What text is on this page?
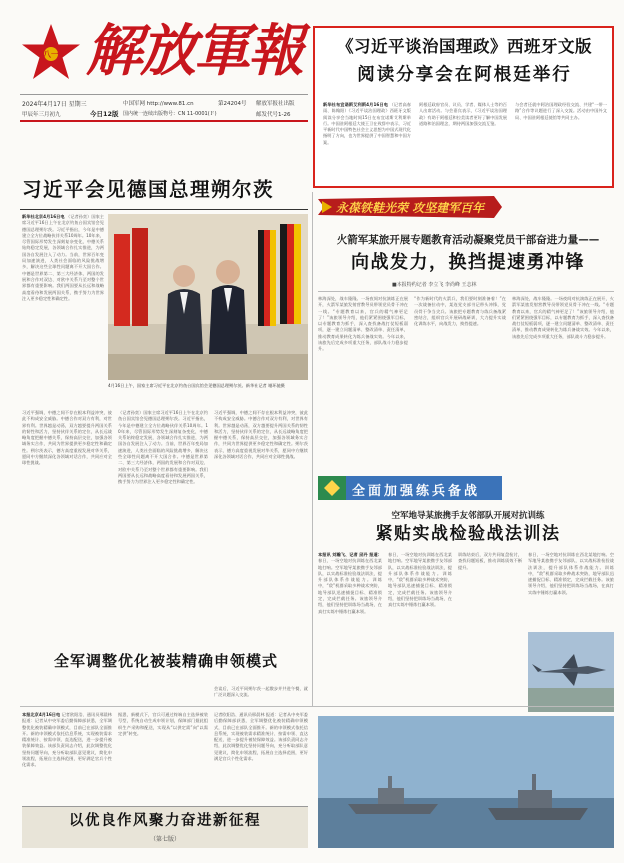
八一 解放軍報
2024年4月17日 星期三
甲辰年三月初九	今日12版
中国军网 http://www.81.cn	第24204号
国内统一连续出版物号：CN 11-0001(Ｆ)
解放军报社出版
邮发代号1-26
《习近平谈治国理政》西班牙文版
阅读分享会在阿根廷举行
新华社布宜诺斯艾利斯4月16日电 （记者高春雨、陈翰阳）《习近平谈治国理政》西班牙文版阅读分享会当地时间15日在布宜诺斯艾利斯举行。中国驻阿根廷大使王卫在致辞中表示，习近平新时代中国特色社会主义思想为中国式现代化指明了方向，也为世界提供了中国智慧和中国方案。
阿根廷政府官员、议员、学者、媒体人士等约百人出席活动。与会嘉宾表示，《习近平谈治国理政》有助于阿根廷和拉美读者更好了解中国发展道路和治国理念，期待两国加强交流互鉴。
与会者还就中阿治国理政经验交流、共建“一带一路”合作等议题进行了深入交流。活动由中国外文局、中国驻阿根廷使馆等共同主办。
永葆铁鞋光荣 攻坚建军百年
习近平会见德国总理朔尔茨
新华社北京4月16日电 （记者孙奕）国家主席习近平16日上午在北京钓鱼台国宾馆会见德国总理朔尔茨。习近平指出，今年是中德建立全方位战略伙伴关系10周年。10年来，尽管国际形势发生深刻复杂变化，中德关系始终稳定发展，各领域合作扎实推进，为两国各自发展注入了动力。当前，世界百年变局加速演进，人类社会面临的风险挑战增多，解决这些全球性问题离不开大国合作。中德是世界第二、第三大经济体，两国的发展和合作对双边、对欧中关系乃至对整个世界都有重要影响。我们两国要从长远和战略高度看待和发展两国关系，携手努力为世界注入更多稳定性和确定性。
4月16日上午，国家主席习近平在北京钓鱼台国宾馆会见德国总理朔尔茨。新华社记者 谢环驰摄
习近平强调，中德之间不存在根本利益冲突，彼此不构成安全威胁。中德合作对双方有利，对世界有利。世界越是动荡，双方越要提升两国关系的韧性和活力，坚持伙伴关系的定位，从长远战略角度把握中德关系，保持高层交往，加强各领域务实合作，共同为世界提供更多稳定性和确定性。朔尔茨表示，德方高度重视发展对华关系，愿同中方继续深化各领域对话合作，共同应对全球性挑战。
（记者孙奕）国家主席习近平16日上午在北京钓鱼台国宾馆会见德国总理朔尔茨。习近平指出，今年是中德建立全方位战略伙伴关系10周年。10年来，尽管国际形势发生深刻复杂变化，中德关系始终稳定发展，各领域合作扎实推进，为两国各自发展注入了动力。当前，世界百年变局加速演进，人类社会面临的风险挑战增多，解决这些全球性问题离不开大国合作。中德是世界第二、第三大经济体，两国的发展和合作对双边、对欧中关系乃至对整个世界都有重要影响。我们两国要从长远和战略高度看待和发展两国关系，携手努力为世界注入更多稳定性和确定性。
习近平强调，中德之间不存在根本利益冲突，彼此不构成安全威胁。中德合作对双方有利，对世界有利。世界越是动荡，双方越要提升两国关系的韧性和活力，坚持伙伴关系的定位，从长远战略角度把握中德关系，保持高层交往，加强各领域务实合作，共同为世界提供更多稳定性和确定性。朔尔茨表示，德方高度重视发展对华关系，愿同中方继续深化各领域对话合作，共同应对全球性挑战。
会谈后，习近平同朔尔茨一起散步并共进午餐，就广泛议题深入交流。
火箭军某旅开展专题教育活动凝聚党员干部奋进力量——
向战发力，换挡提速勇冲锋
■本报特约记者 李立飞 李尚峰 王志林
林海深处，战车隆隆。一场夜间对抗演练正在展开，火箭军某旅发射营教导员带领党员骨干冲在一线。“专题教育以来，官兵的精气神更足了！”该旅领导介绍，他们紧紧围绕强军目标，以专题教育为抓手，深入查找备战打仗短板弱项，逐一建立问题清单、整改清单、责任清单，推动教育成果转化为练兵备战实效。今年以来，该旅先后完成多项重大任务，部队战斗力稳步提升。
“作为新时代的火箭兵，我们要时刻准备着！”在一次战备拉动中，某连党支部书记带头冲锋，党员骨干争当尖兵。该旅把专题教育与练兵备战紧密结合，组织官兵开展研战研训，大力提升实战化训练水平，向战发力，换挡提速。
林海深处，战车隆隆。一场夜间对抗演练正在展开，火箭军某旅发射营教导员带领党员骨干冲在一线。“专题教育以来，官兵的精气神更足了！”该旅领导介绍，他们紧紧围绕强军目标，以专题教育为抓手，深入查找备战打仗短板弱项，逐一建立问题清单、整改清单、责任清单，推动教育成果转化为练兵备战实效。今年以来，该旅先后完成多项重大任务，部队战斗力稳步提升。
全面加强练兵备战
空军地导某旅携手友邻部队开展对抗训练
紧贴实战检验战法训法
本报讯 刘瀚飞、记者 邱丹 报道： 春日，一场空地对抗训练在西北某地打响。空军地导某旅携手友邻部队，以实战标准检验战法训法，提升部队体系作战能力。训练中，“敌”机群采取多种战术突防，地导部队迅速捕捉目标、精准锁定，完成拦截任务。该旅领导介绍，他们坚持把训练场当战场，在真打实练中锤炼打赢本领。
春日，一场空地对抗训练在西北某地打响。空军地导某旅携手友邻部队，以实战标准检验战法训法，提升部队体系作战能力。训练中，“敌”机群采取多种战术突防，地导部队迅速捕捉目标、精准锁定，完成拦截任务。该旅领导介绍，他们坚持把训练场当战场，在真打实练中锤炼打赢本领。
训练结束后，双方共同复盘检讨，查找问题短板，推动训练质效不断提升。
春日，一场空地对抗训练在西北某地打响。空军地导某旅携手友邻部队，以实战标准检验战法训法，提升部队体系作战能力。训练中，“敌”机群采取多种战术突防，地导部队迅速捕捉目标、精准锁定，完成拦截任务。该旅领导介绍，他们坚持把训练场当战场，在真打实练中锤炼打赢本领。
全军调整优化被装精确申领模式
本报北京4月16日电 记者欧阳浩、通讯员邢晨林 报道：记者从中央军委后勤保障部获悉，全军调整优化被装精确申领模式，目前已在部队全面推开。新的申领模式依托信息系统，实现被装需求精准统计、按需申领、直达配送，进一步提升被装保障效益。该部负责同志介绍，此次调整优化坚持问题导向，充分听取部队意见建议，简化申领流程，拓展自主选择范围，更好满足官兵个性化需求。
据悉，新模式下，官兵可通过终端自主选择被装号型，系统自动生成申领计划，保障部门据此组织生产采购和配送，实现从“以供定需”向“以需定供”转变。
记者欧阳浩、通讯员邢晨林 报道：记者从中央军委后勤保障部获悉，全军调整优化被装精确申领模式，目前已在部队全面推开。新的申领模式依托信息系统，实现被装需求精准统计、按需申领、直达配送，进一步提升被装保障效益。该部负责同志介绍，此次调整优化坚持问题导向，充分听取部队意见建议，简化申领流程，拓展自主选择范围，更好满足官兵个性化需求。
以优良作风聚力奋进新征程
（第七版）
